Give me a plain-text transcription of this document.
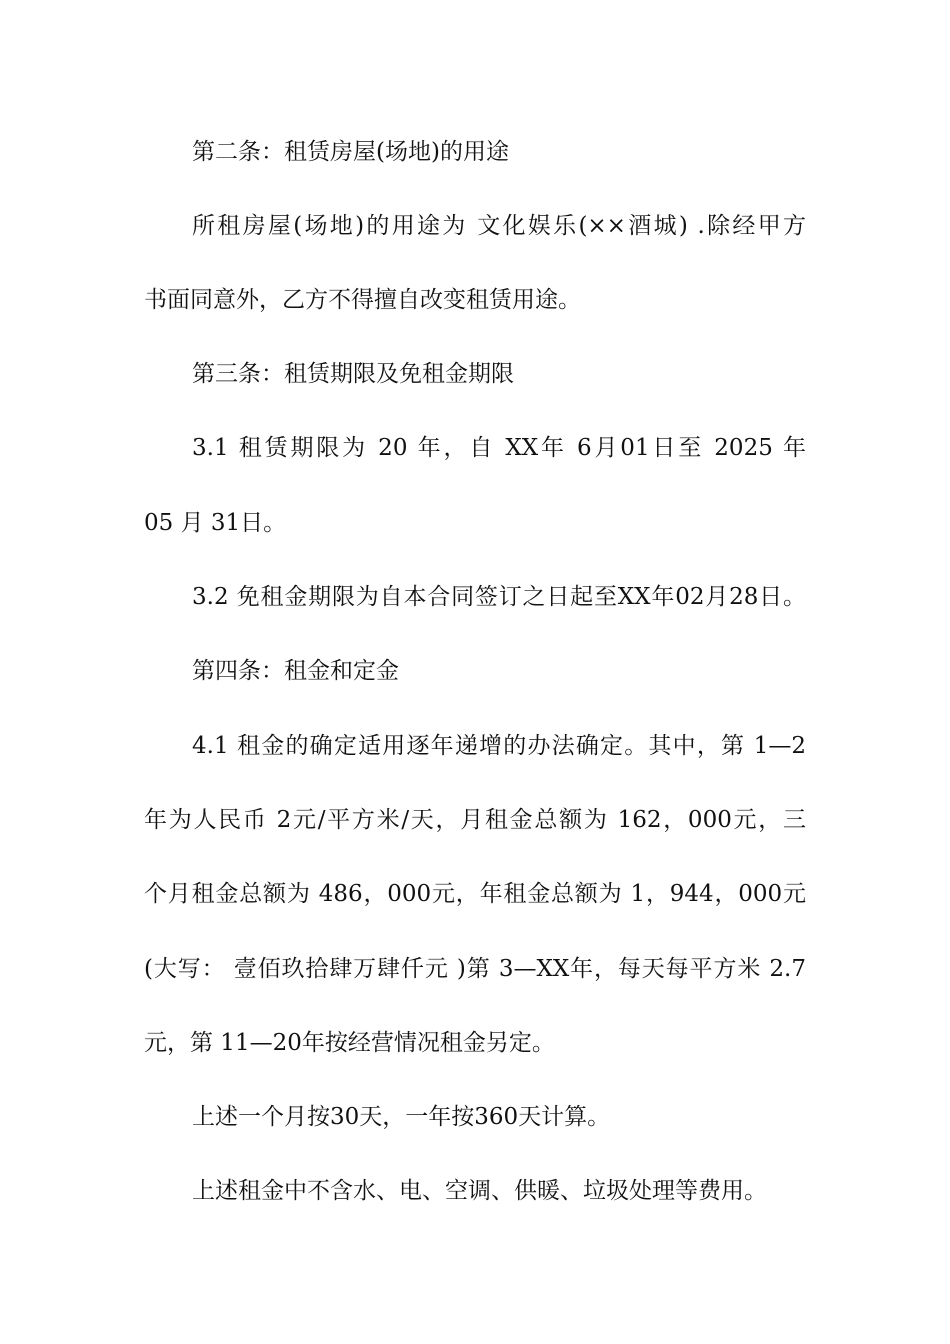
第二条：租赁房屋(场地)的用途
所租房屋(场地)的用途为 文化娱乐(××酒城) .除经甲方
书面同意外，乙方不得擅自改变租赁用途。
第三条：租赁期限及免租金期限
3.1 租赁期限为 20 年，自 XX年 6月01日至 2025 年
05 月 31日。
3.2 免租金期限为自本合同签订之日起至XX年02月28日。
第四条：租金和定金
4.1 租金的确定适用逐年递增的办法确定。其中，第 1—2
年为人民币 2元/平方米/天，月租金总额为 162，000元，三
个月租金总额为 486，000元，年租金总额为 1，944，000元
(大写： 壹佰玖拾肆万肆仟元 )第 3—XX年，每天每平方米 2.7
元，第 11—20年按经营情况租金另定。
上述一个月按30天，一年按360天计算。
上述租金中不含水、电、空调、供暖、垃圾处理等费用。
